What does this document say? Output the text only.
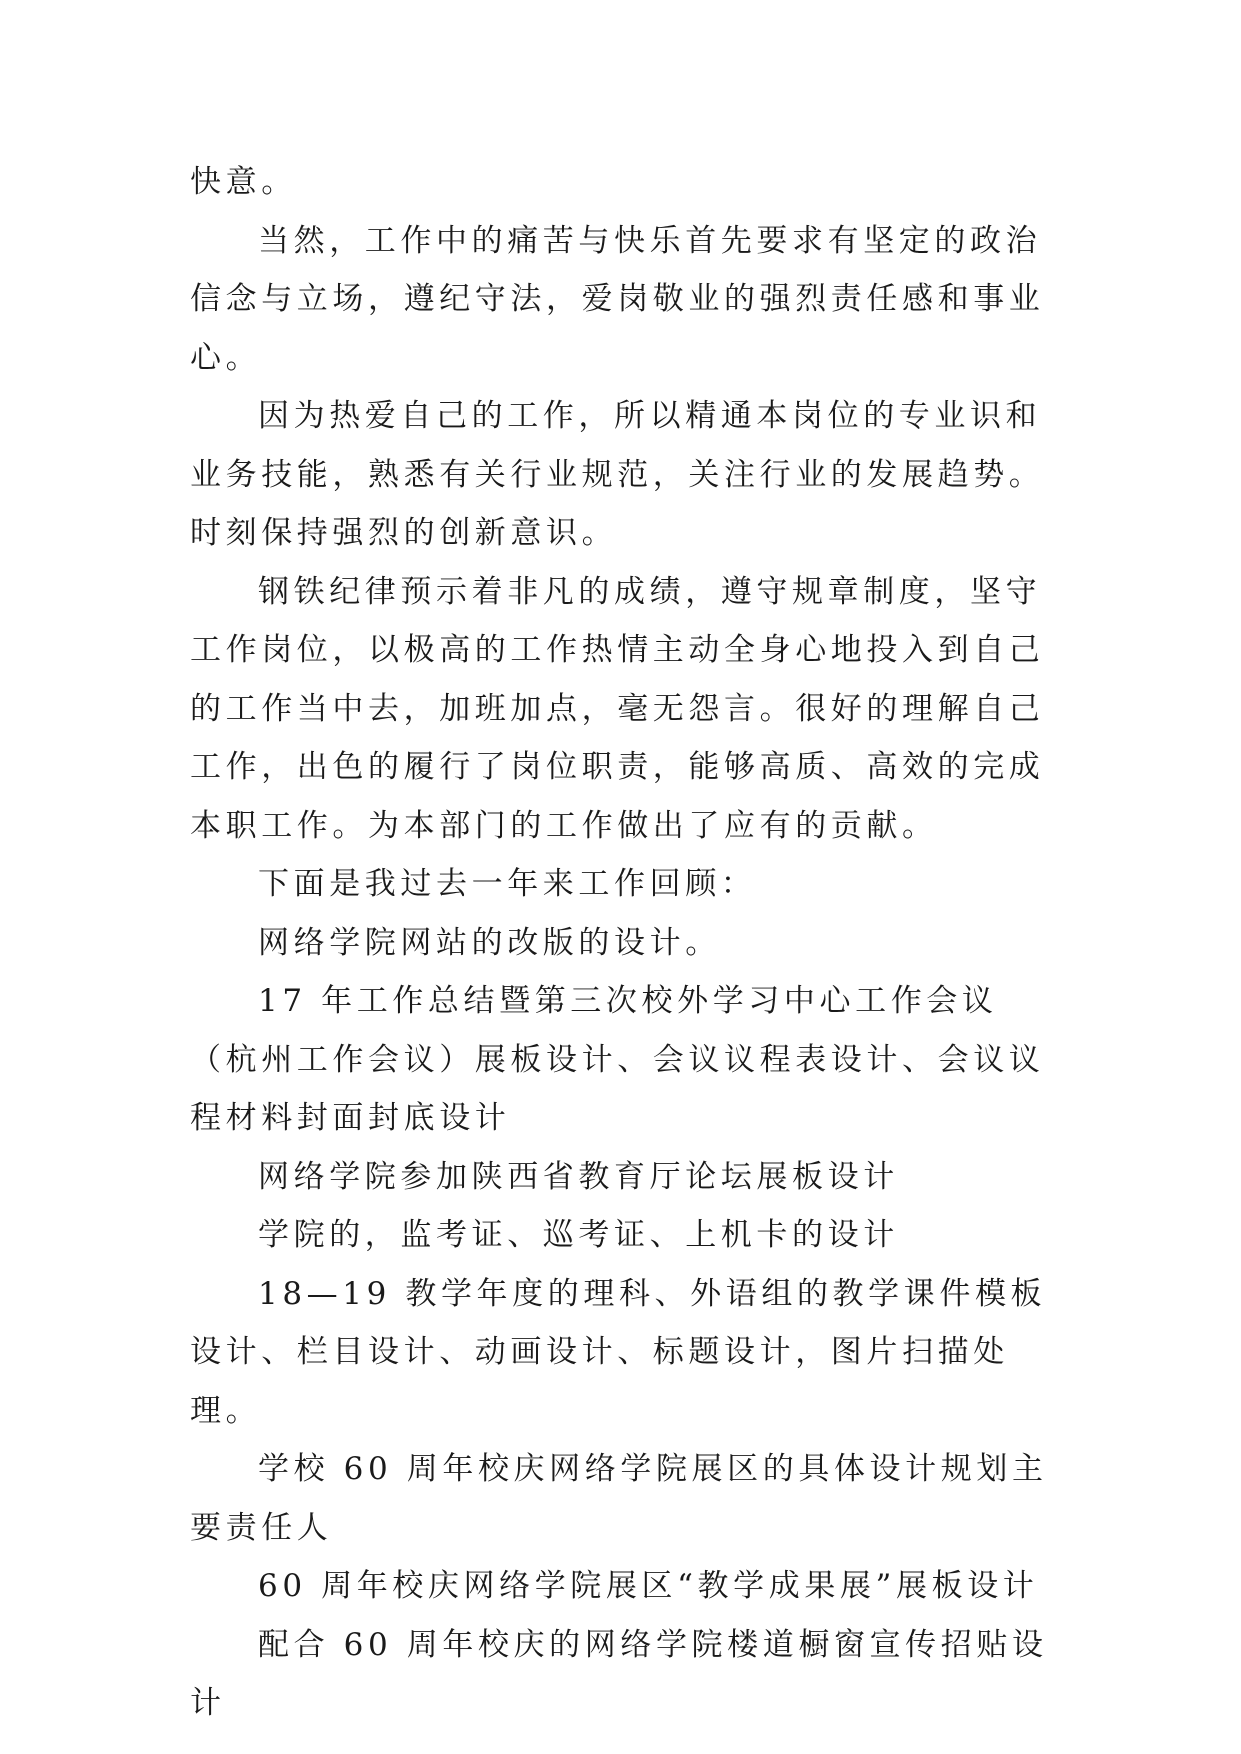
快意。

当然，工作中的痛苦与快乐首先要求有坚定的政治信念与立场，遵纪守法，爱岗敬业的强烈责任感和事业心。

因为热爱自己的工作，所以精通本岗位的专业识和业务技能，熟悉有关行业规范，关注行业的发展趋势。时刻保持强烈的创新意识。

钢铁纪律预示着非凡的成绩，遵守规章制度，坚守工作岗位，以极高的工作热情主动全身心地投入到自己的工作当中去，加班加点，毫无怨言。很好的理解自己工作，出色的履行了岗位职责，能够高质、高效的完成本职工作。为本部门的工作做出了应有的贡献。

下面是我过去一年来工作回顾：

网络学院网站的改版的设计。

17 年工作总结暨第三次校外学习中心工作会议（杭州工作会议）展板设计、会议议程表设计、会议议程材料封面封底设计

网络学院参加陕西省教育厅论坛展板设计

学院的，监考证、巡考证、上机卡的设计

18—19 教学年度的理科、外语组的教学课件模板设计、栏目设计、动画设计、标题设计，图片扫描处理。

学校 60 周年校庆网络学院展区的具体设计规划主要责任人

60 周年校庆网络学院展区“教学成果展”展板设计

配合 60 周年校庆的网络学院楼道橱窗宣传招贴设计
